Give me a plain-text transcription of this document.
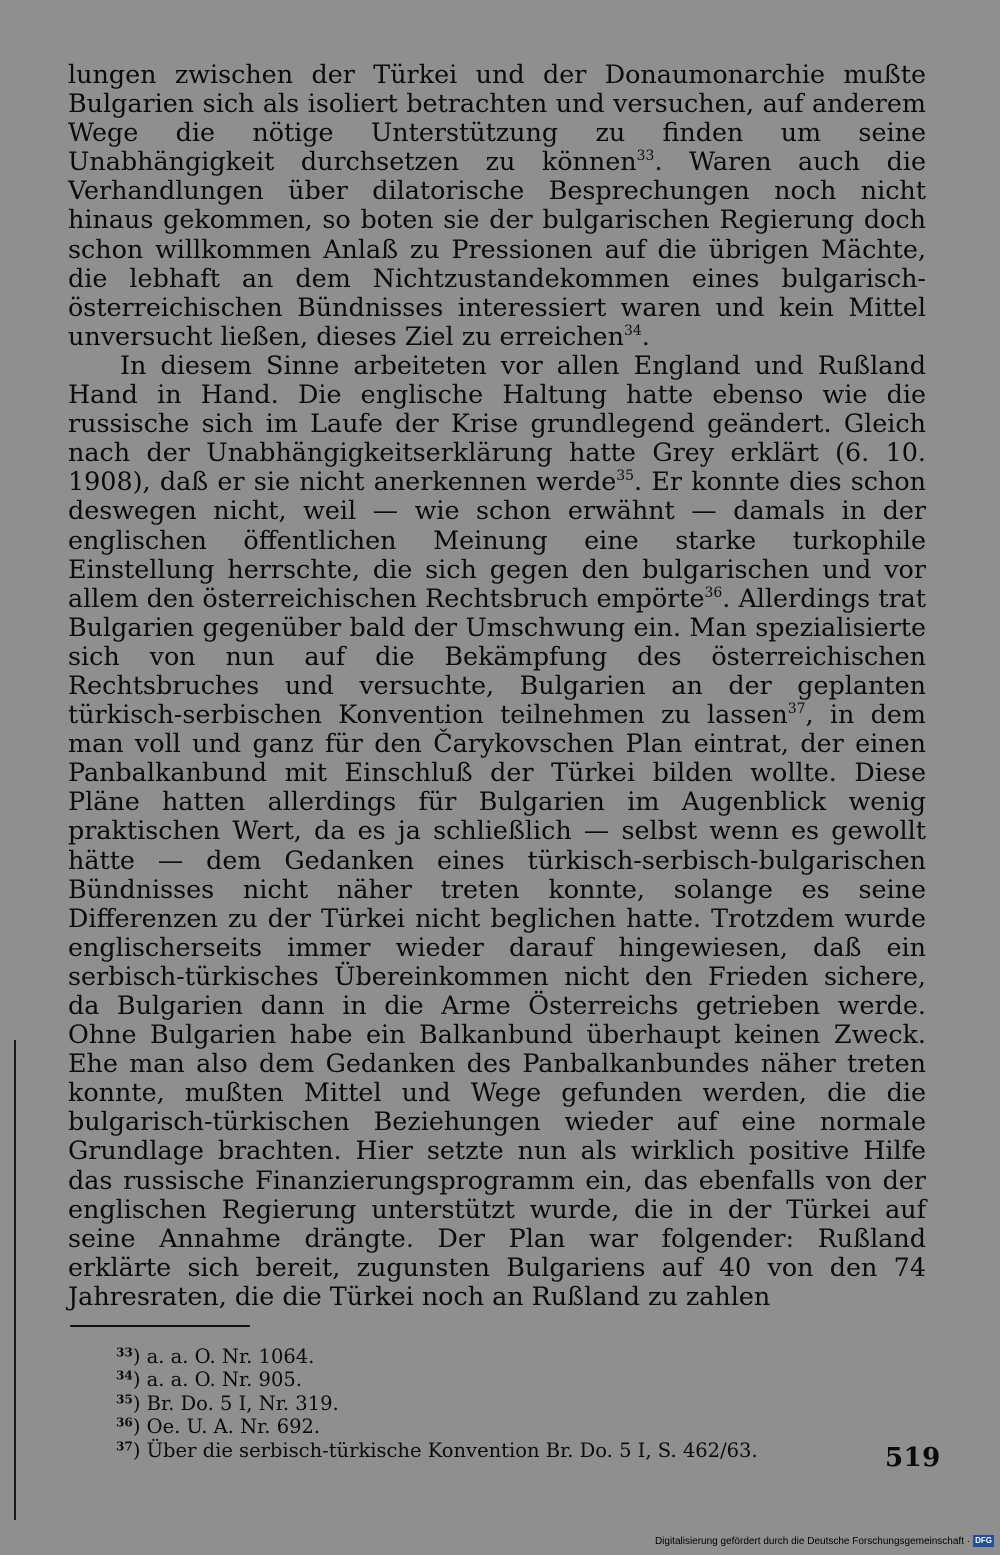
lungen zwischen der Türkei und der Donaumonarchie mußte Bulgarien sich als isoliert betrachten und versuchen, auf anderem Wege die nötige Unterstützung zu finden um seine Unabhängigkeit durchsetzen zu können$^{33}$. Waren auch die Verhandlungen über dilatorische Besprechungen noch nicht hinaus gekommen, so boten sie der bulgarischen Regierung doch schon willkommen Anlaß zu Pressionen auf die übrigen Mächte, die lebhaft an dem Nichtzustandekommen eines bulgarisch-österreichischen Bündnisses interessiert waren und kein Mittel unversucht ließen, dieses Ziel zu erreichen$^{34}$.

In diesem Sinne arbeiteten vor allen England und Rußland Hand in Hand. Die englische Haltung hatte ebenso wie die russische sich im Laufe der Krise grundlegend geändert. Gleich nach der Unabhängigkeitserklärung hatte Grey erklärt (6. 10. 1908), daß er sie nicht anerkennen werde$^{35}$. Er konnte dies schon deswegen nicht, weil — wie schon erwähnt — damals in der englischen öffentlichen Meinung eine starke turkophile Einstellung herrschte, die sich gegen den bulgarischen und vor allem den österreichischen Rechtsbruch empörte$^{36}$. Allerdings trat Bulgarien gegenüber bald der Umschwung ein. Man spezialisierte sich von nun auf die Bekämpfung des österreichischen Rechtsbruches und versuchte, Bulgarien an der geplanten türkisch-serbischen Konvention teilnehmen zu lassen$^{37}$, in dem man voll und ganz für den Čarykovschen Plan eintrat, der einen Panbalkanbund mit Einschluß der Türkei bilden wollte. Diese Pläne hatten allerdings für Bulgarien im Augenblick wenig praktischen Wert, da es ja schließlich — selbst wenn es gewollt hätte — dem Gedanken eines türkisch-serbisch-bulgarischen Bündnisses nicht näher treten konnte, solange es seine Differenzen zu der Türkei nicht beglichen hatte. Trotzdem wurde englischerseits immer wieder darauf hingewiesen, daß ein serbisch-türkisches Übereinkommen nicht den Frieden sichere, da Bulgarien dann in die Arme Österreichs getrieben werde. Ohne Bulgarien habe ein Balkanbund überhaupt keinen Zweck. Ehe man also dem Gedanken des Panbalkanbundes näher treten konnte, mußten Mittel und Wege gefunden werden, die die bulgarisch-türkischen Beziehungen wieder auf eine normale Grundlage brachten. Hier setzte nun als wirklich positive Hilfe das russische Finanzierungsprogramm ein, das ebenfalls von der englischen Regierung unterstützt wurde, die in der Türkei auf seine Annahme drängte. Der Plan war folgender: Rußland erklärte sich bereit, zugunsten Bulgariens auf 40 von den 74 Jahresraten, die die Türkei noch an Rußland zu zahlen

$^{33}$) a. a. O. Nr. 1064.
$^{34}$) a. a. O. Nr. 905.
$^{35}$) Br. Do. 5 I, Nr. 319.
$^{36}$) Oe. U. A. Nr. 692.
$^{37}$) Über die serbisch-türkische Konvention Br. Do. 5 I, S. 462/63.	519
Digitalisierung gefördert durch die Deutsche Forschungsgemeinschaft · DFG
